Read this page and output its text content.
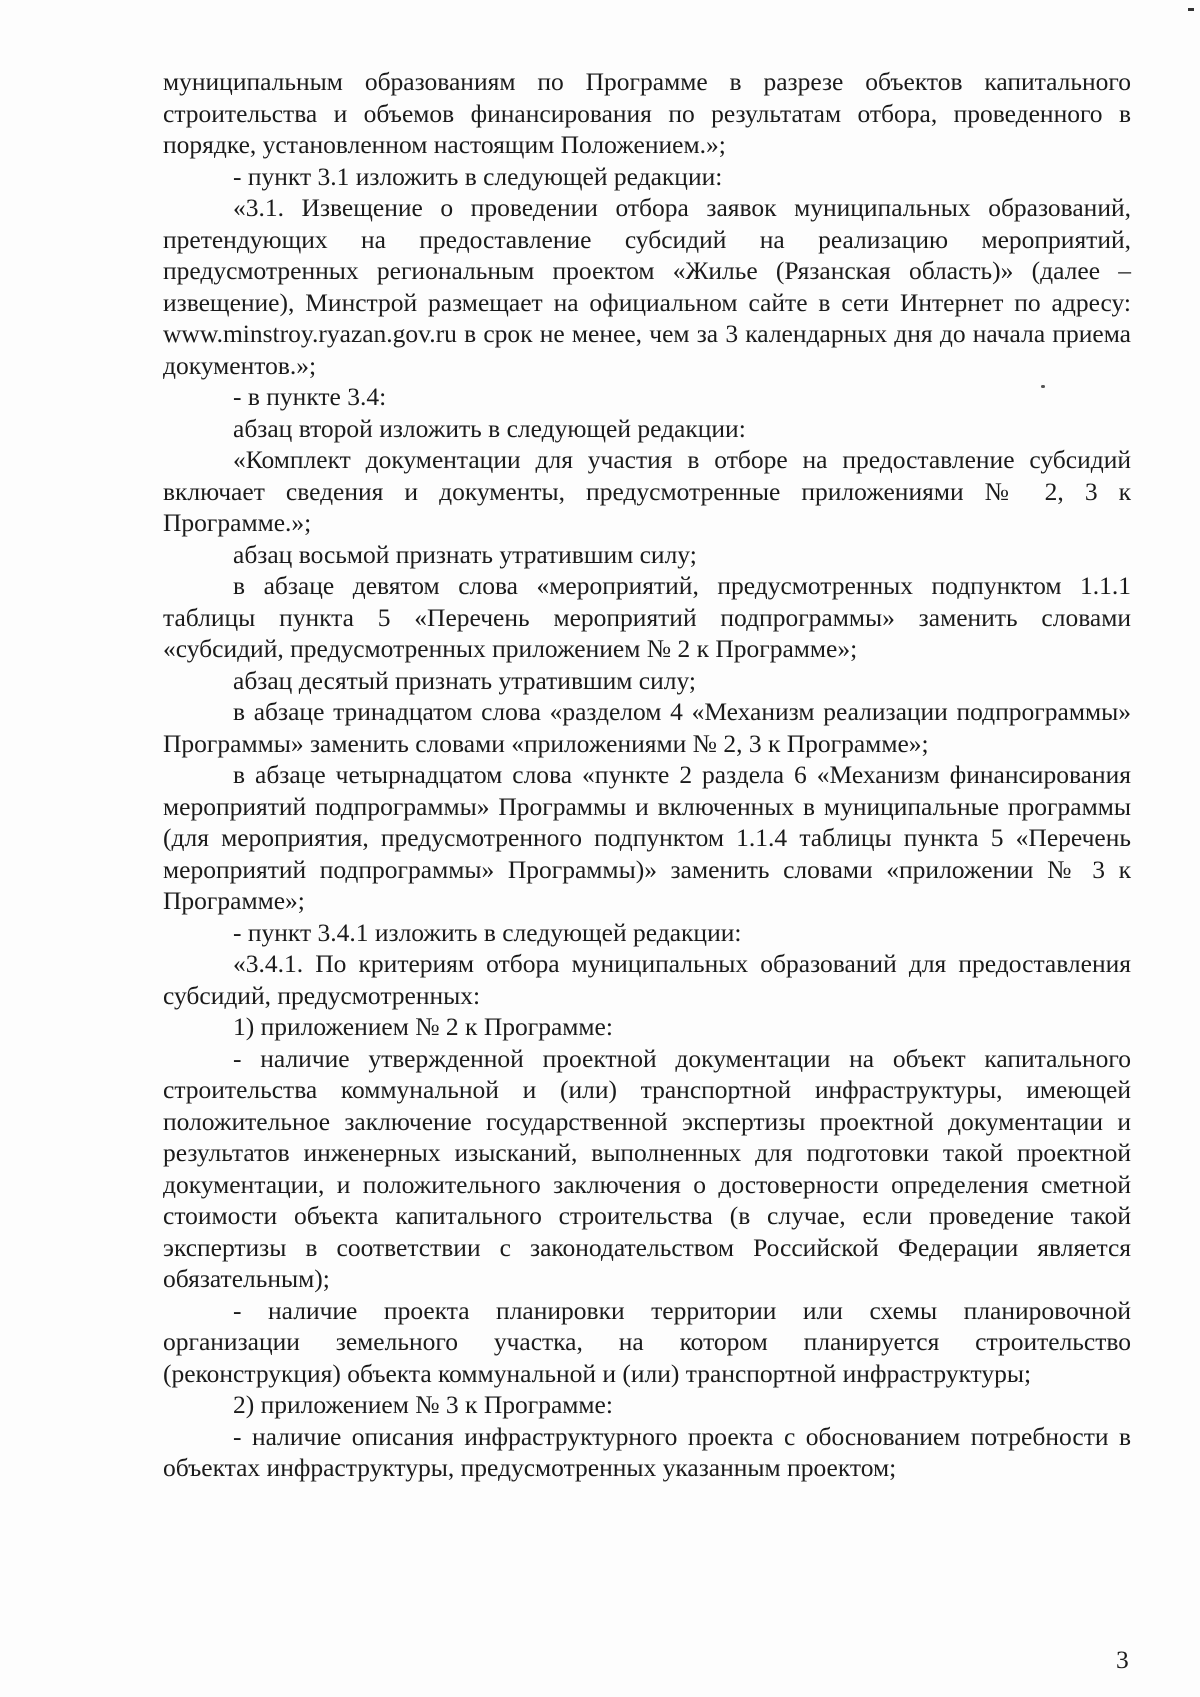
муниципальным образованиям по Программе в разрезе объектов капитального строительства и объемов финансирования по результатам отбора, проведенного в порядке, установленном настоящим Положением.»;

- пункт 3.1 изложить в следующей редакции:

«3.1. Извещение о проведении отбора заявок муниципальных образований, претендующих на предоставление субсидий на реализацию мероприятий, предусмотренных региональным проектом «Жилье (Рязанская область)» (далее – извещение), Минстрой размещает на официальном сайте в сети Интернет по адресу: www.minstroy.ryazan.gov.ru в срок не менее, чем за 3 календарных дня до начала приема документов.»;

- в пункте 3.4:

абзац второй изложить в следующей редакции:

«Комплект документации для участия в отборе на предоставление субсидий включает сведения и документы, предусмотренные приложениями № 2, 3 к Программе.»;

абзац восьмой признать утратившим силу;

в абзаце девятом слова «мероприятий, предусмотренных подпунктом 1.1.1 таблицы пункта 5 «Перечень мероприятий подпрограммы» заменить словами «субсидий, предусмотренных приложением № 2 к Программе»;

абзац десятый признать утратившим силу;

в абзаце тринадцатом слова «разделом 4 «Механизм реализации подпрограммы» Программы» заменить словами «приложениями № 2, 3 к Программе»;

в абзаце четырнадцатом слова «пункте 2 раздела 6 «Механизм финансирования мероприятий подпрограммы» Программы и включенных в муниципальные программы (для мероприятия, предусмотренного подпунктом 1.1.4 таблицы пункта 5 «Перечень мероприятий подпрограммы» Программы)» заменить словами «приложении № 3 к Программе»;

- пункт 3.4.1 изложить в следующей редакции:

«3.4.1. По критериям отбора муниципальных образований для предоставления субсидий, предусмотренных:

1) приложением № 2 к Программе:

- наличие утвержденной проектной документации на объект капитального строительства коммунальной и (или) транспортной инфраструктуры, имеющей положительное заключение государственной экспертизы проектной документации и результатов инженерных изысканий, выполненных для подготовки такой проектной документации, и положительного заключения о достоверности определения сметной стоимости объекта капитального строительства (в случае, если проведение такой экспертизы в соответствии с законодательством Российской Федерации является обязательным);

- наличие проекта планировки территории или схемы планировочной организации земельного участка, на котором планируется строительство (реконструкция) объекта коммунальной и (или) транспортной инфраструктуры;

2) приложением № 3 к Программе:

- наличие описания инфраструктурного проекта с обоснованием потребности в объектах инфраструктуры, предусмотренных указанным проектом;

3
